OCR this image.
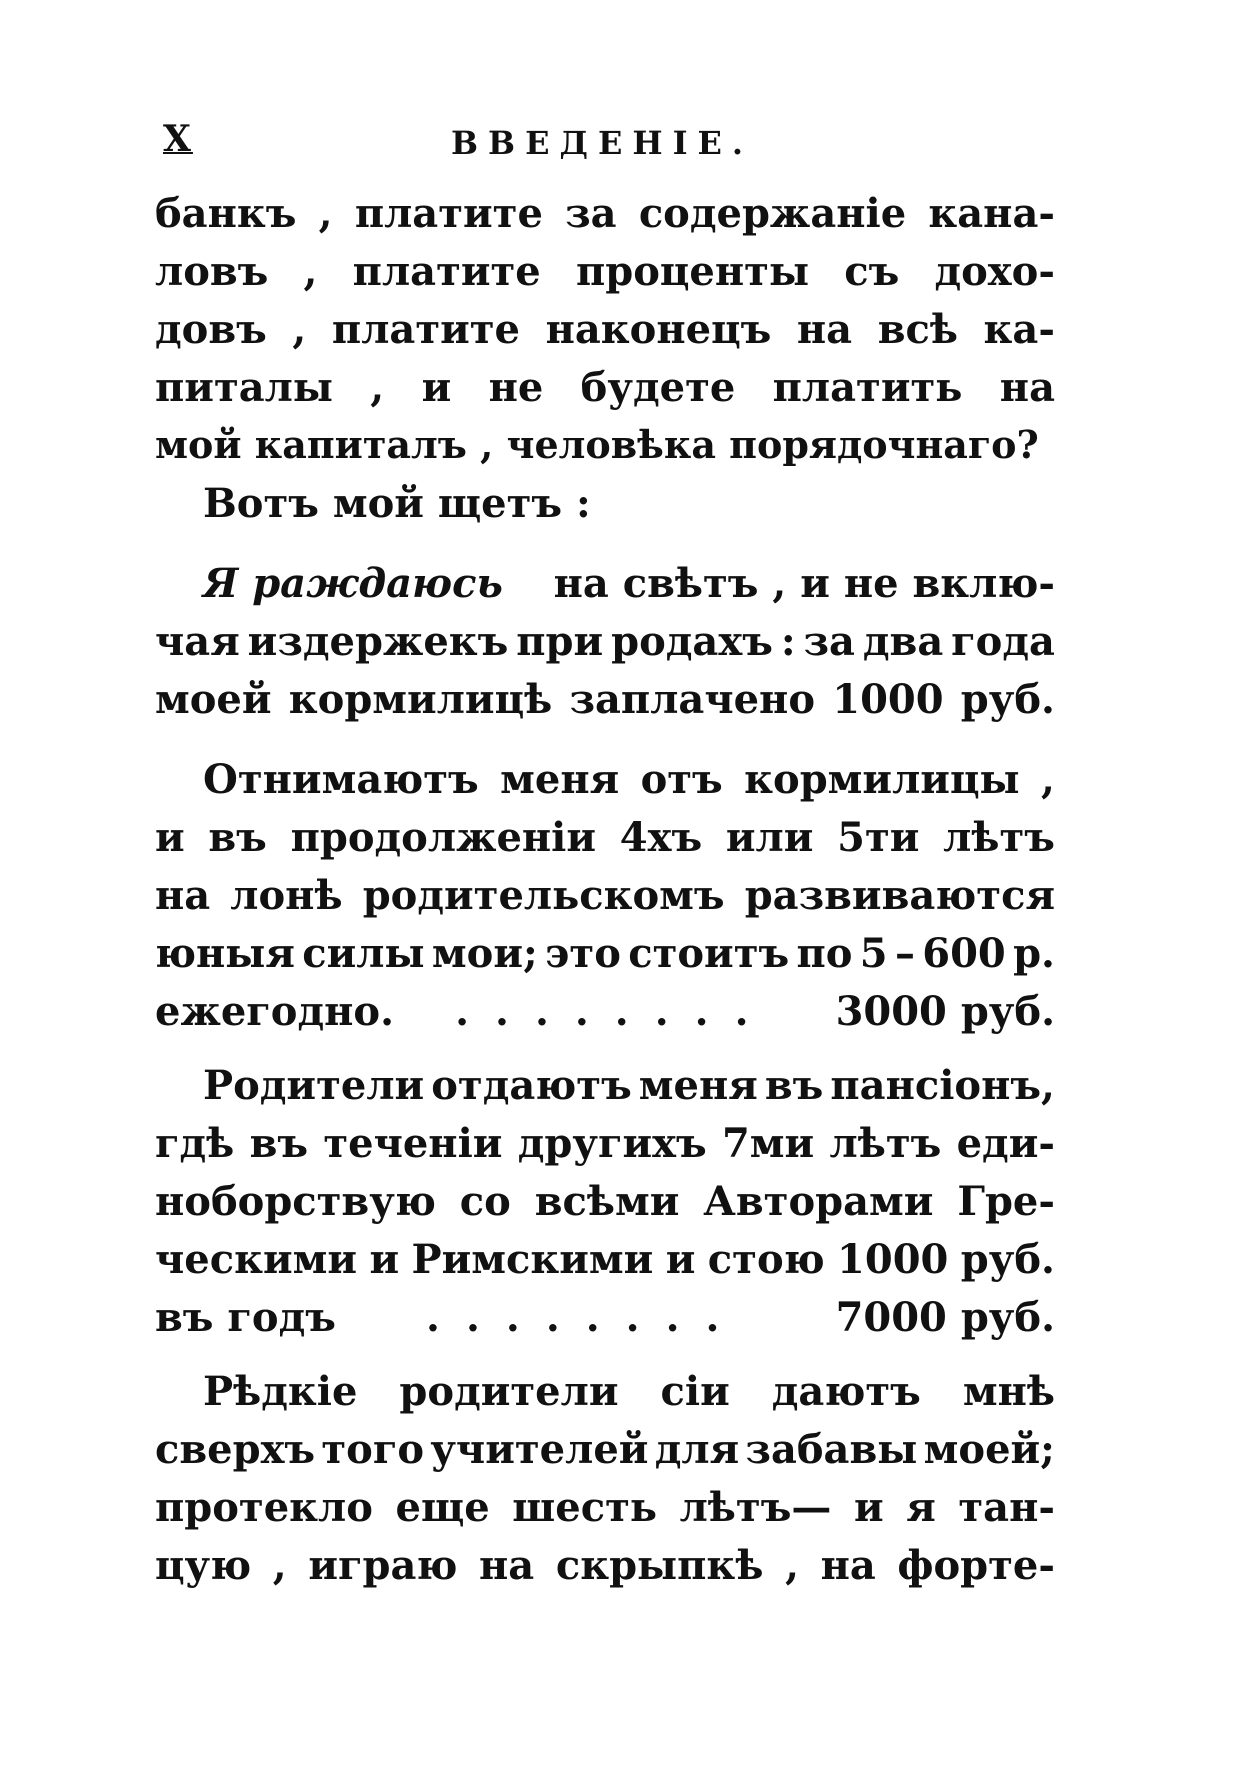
X	ВВЕДЕНІЕ.
банкъ , платите за содержаніе кана-
ловъ , платите проценты съ дохо-
довъ , платите наконецъ на всѣ ка-
питалы , и не будете платить на
мой капиталъ , человѣка порядочнаго?
Вотъ мой щетъ :
Я раждаюсь	на свѣтъ , и не вклю-
чая издержекъ при родахъ : за два года
моей кормилицѣ заплачено 1000 руб.
Отнимаютъ меня отъ кормилицы ,
и въ продолженіи 4хъ или 5ти лѣтъ
на лонѣ родительскомъ развиваются
юныя силы мои; это стоитъ по 5 – 600 р.
ежегодно.	........	3000 руб.
Родители отдаютъ меня въ пансіонъ,
гдѣ въ теченіи другихъ 7ми лѣтъ еди-
ноборствую со всѣми Авторами Гре-
ческими и Римскими и стою 1000 руб.
въ годъ	........	7000 руб.
Рѣдкіе родители сіи даютъ мнѣ
сверхъ того учителей для забавы моей;
протекло еще шесть лѣтъ— и я тан-
цую , играю на скрыпкѣ , на форте-
